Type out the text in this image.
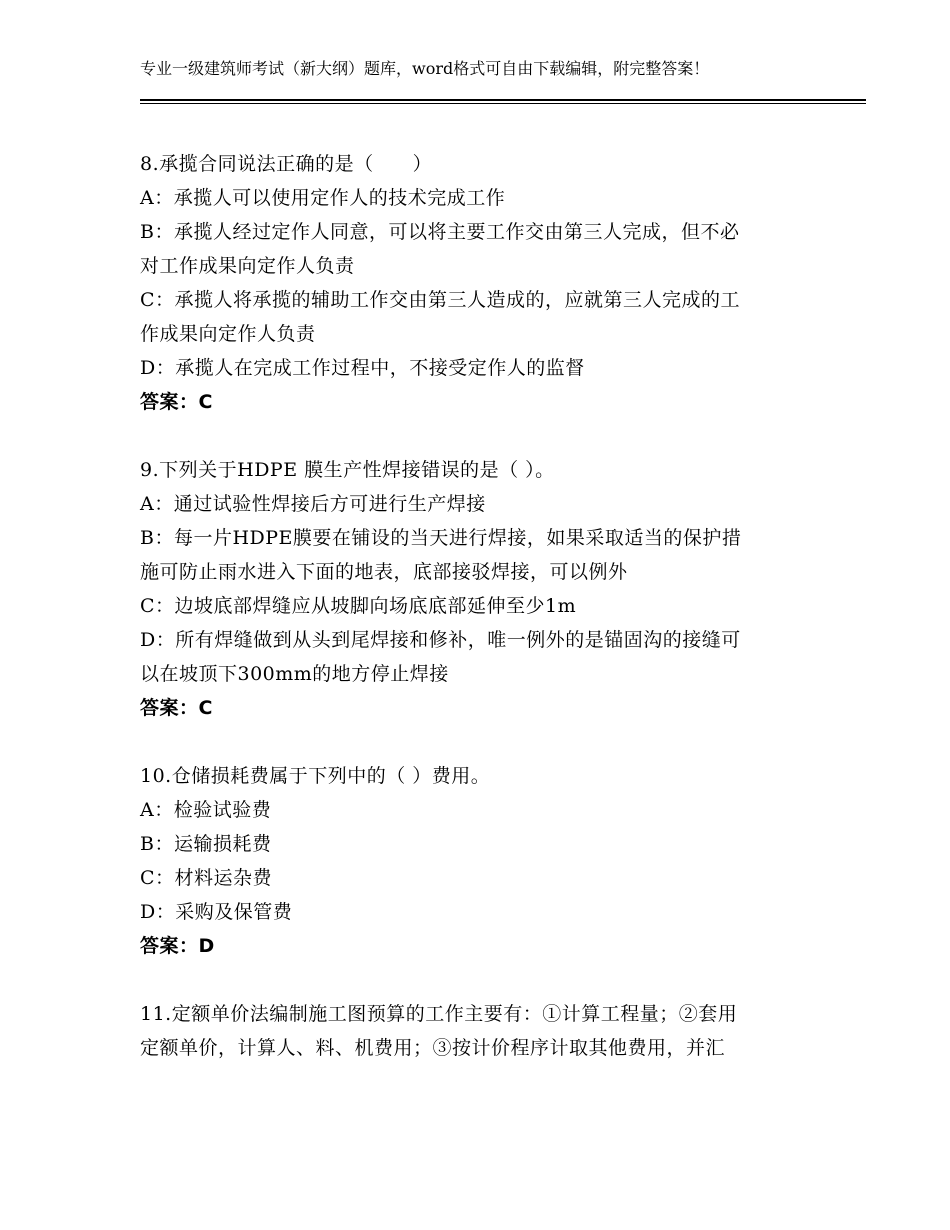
专业一级建筑师考试（新大纲）题库，word格式可自由下载编辑，附完整答案！

8.承揽合同说法正确的是（　　）

A：承揽人可以使用定作人的技术完成工作

B：承揽人经过定作人同意，可以将主要工作交由第三人完成，但不必

对工作成果向定作人负责

C：承揽人将承揽的辅助工作交由第三人造成的，应就第三人完成的工

作成果向定作人负责

D：承揽人在完成工作过程中，不接受定作人的监督

答案：C

9.下列关于HDPE 膜生产性焊接错误的是（ ）。

A：通过试验性焊接后方可进行生产焊接

B：每一片HDPE膜要在铺设的当天进行焊接，如果采取适当的保护措

施可防止雨水进入下面的地表，底部接驳焊接，可以例外

C：边坡底部焊缝应从坡脚向场底底部延伸至少1m

D：所有焊缝做到从头到尾焊接和修补，唯一例外的是锚固沟的接缝可

以在坡顶下300mm的地方停止焊接

答案：C

10.仓储损耗费属于下列中的（ ）费用。

A：检验试验费

B：运输损耗费

C：材料运杂费

D：采购及保管费

答案：D

11.定额单价法编制施工图预算的工作主要有：①计算工程量；②套用

定额单价，计算人、料、机费用；③按计价程序计取其他费用，并汇
